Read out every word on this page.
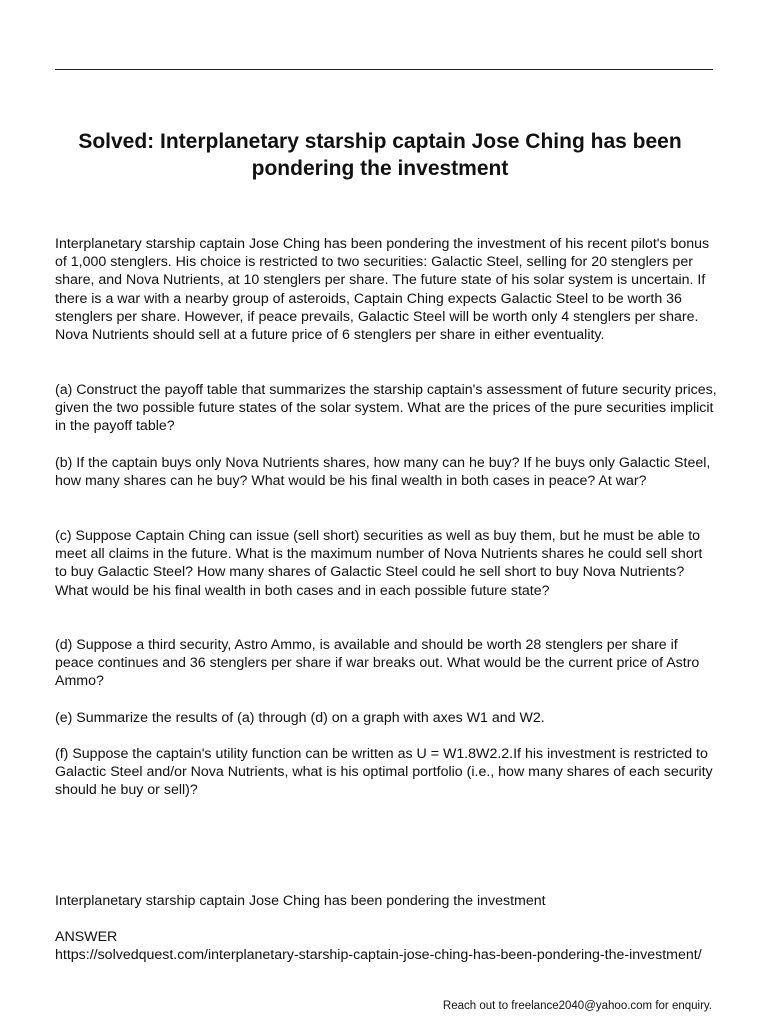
Solved: Interplanetary starship captain Jose Ching has been pondering the investment

Interplanetary starship captain Jose Ching has been pondering the investment of his recent pilot's bonus of 1,000 stenglers. His choice is restricted to two securities: Galactic Steel, selling for 20 stenglers per share, and Nova Nutrients, at 10 stenglers per share. The future state of his solar system is uncertain. If there is a war with a nearby group of asteroids, Captain Ching expects Galactic Steel to be worth 36 stenglers per share. However, if peace prevails, Galactic Steel will be worth only 4 stenglers per share. Nova Nutrients should sell at a future price of 6 stenglers per share in either eventuality.

(a) Construct the payoff table that summarizes the starship captain's assessment of future security prices, given the two possible future states of the solar system. What are the prices of the pure securities implicit in the payoff table?

(b) If the captain buys only Nova Nutrients shares, how many can he buy? If he buys only Galactic Steel, how many shares can he buy? What would be his final wealth in both cases in peace? At war?

(c) Suppose Captain Ching can issue (sell short) securities as well as buy them, but he must be able to meet all claims in the future. What is the maximum number of Nova Nutrients shares he could sell short to buy Galactic Steel? How many shares of Galactic Steel could he sell short to buy Nova Nutrients? What would be his final wealth in both cases and in each possible future state?

(d) Suppose a third security, Astro Ammo, is available and should be worth 28 stenglers per share if peace continues and 36 stenglers per share if war breaks out. What would be the current price of Astro Ammo?

(e) Summarize the results of (a) through (d) on a graph with axes W1 and W2.

(f) Suppose the captain's utility function can be written as U = W1.8W2.2.If his investment is restricted to Galactic Steel and/or Nova Nutrients, what is his optimal portfolio (i.e., how many shares of each security should he buy or sell)?

Interplanetary starship captain Jose Ching has been pondering the investment
ANSWER
https://solvedquest.com/interplanetary-starship-captain-jose-ching-has-been-pondering-the-investment/
Reach out to freelance2040@yahoo.com for enquiry.
